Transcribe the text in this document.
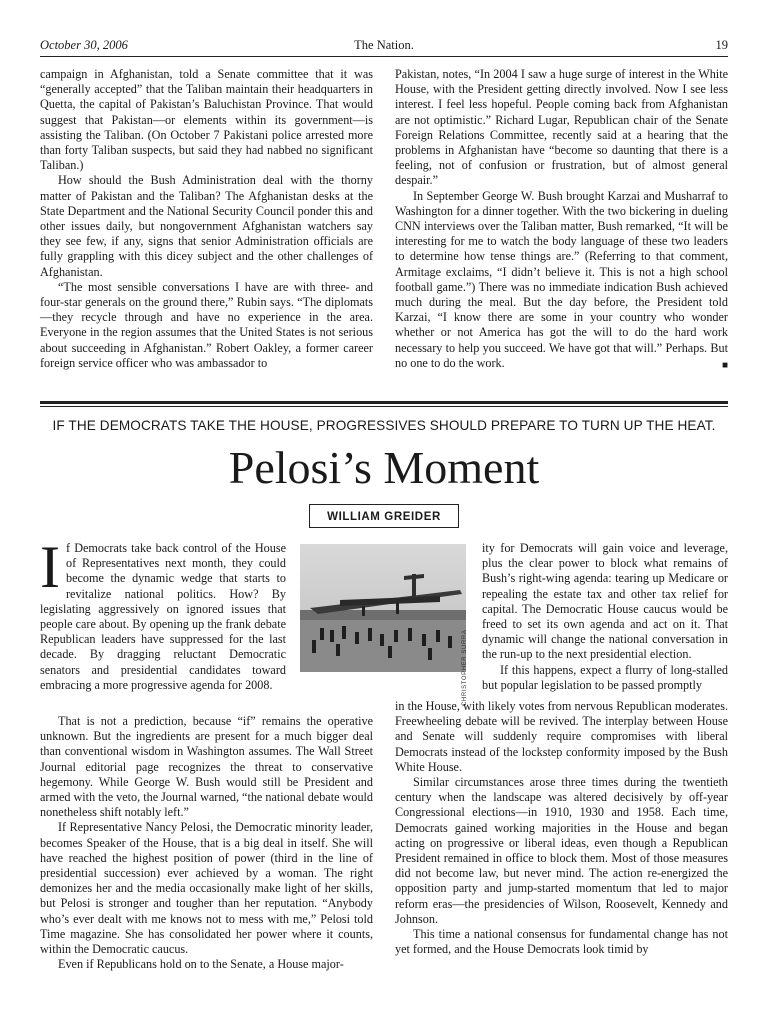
October 30, 2006	The Nation.	19

campaign in Afghanistan, told a Senate committee that it was “generally accepted” that the Taliban maintain their headquarters in Quetta, the capital of Pakistan’s Baluchistan Province. That would suggest that Pakistan—or elements within its government—is assisting the Taliban. (On October 7 Pakistani police arrested more than forty Taliban suspects, but said they had nabbed no significant Taliban.)

How should the Bush Administration deal with the thorny matter of Pakistan and the Taliban? The Afghanistan desks at the State Department and the National Security Council ponder this and other issues daily, but nongovernment Afghanistan watchers say they see few, if any, signs that senior Administration officials are fully grappling with this dicey subject and the other challenges of Afghanistan.

“The most sensible conversations I have are with three- and four-star generals on the ground there,” Rubin says. “The diplomats—they recycle through and have no experience in the area. Everyone in the region assumes that the United States is not serious about succeeding in Afghanistan.” Robert Oakley, a former career foreign service officer who was ambassador to

Pakistan, notes, “In 2004 I saw a huge surge of interest in the White House, with the President getting directly involved. Now I see less interest. I feel less hopeful. People coming back from Afghanistan are not optimistic.” Richard Lugar, Republican chair of the Senate Foreign Relations Committee, recently said at a hearing that the problems in Afghanistan have “become so daunting that there is a feeling, not of confusion or frustration, but of almost general despair.”

In September George W. Bush brought Karzai and Musharraf to Washington for a dinner together. With the two bickering in dueling CNN interviews over the Taliban matter, Bush remarked, “It will be interesting for me to watch the body language of these two leaders to determine how tense things are.” (Referring to that comment, Armitage exclaims, “I didn’t believe it. This is not a high school football game.”) There was no immediate indication Bush achieved much during the meal. But the day before, the President told Karzai, “I know there are some in your country who wonder whether or not America has got the will to do the hard work necessary to help you succeed. We have got that will.” Perhaps. But no one to do the work.	■

IF THE DEMOCRATS TAKE THE HOUSE, PROGRESSIVES SHOULD PREPARE TO TURN UP THE HEAT.
Pelosi’s Moment
WILLIAM GREIDER
CHRISTOPHER SURRA

If Democrats take back control of the House of Representatives next month, they could become the dynamic wedge that starts to revitalize national politics. How? By legislating aggressively on ignored issues that people care about. By opening up the frank debate Republican leaders have suppressed for the last decade. By dragging reluctant Democratic senators and presidential candidates toward embracing a more progressive agenda for 2008.

That is not a prediction, because “if” remains the operative unknown. But the ingredients are present for a much bigger deal than conventional wisdom in Washington assumes. The Wall Street Journal editorial page recognizes the threat to conservative hegemony. While George W. Bush would still be President and armed with the veto, the Journal warned, “the national debate would nonetheless shift notably left.”

If Representative Nancy Pelosi, the Democratic minority leader, becomes Speaker of the House, that is a big deal in itself. She will have reached the highest position of power (third in the line of presidential succession) ever achieved by a woman. The right demonizes her and the media occasionally make light of her skills, but Pelosi is stronger and tougher than her reputation. “Anybody who’s ever dealt with me knows not to mess with me,” Pelosi told Time magazine. She has consolidated her power where it counts, within the Democratic caucus.

Even if Republicans hold on to the Senate, a House major-

ity for Democrats will gain voice and leverage, plus the clear power to block what remains of Bush’s right-wing agenda: tearing up Medicare or repealing the estate tax and other tax relief for capital. The Democratic House caucus would be freed to set its own agenda and act on it. That dynamic will change the national conversation in the run-up to the next presidential election.

If this happens, expect a flurry of long-stalled but popular legislation to be passed promptly

in the House, with likely votes from nervous Republican moderates. Freewheeling debate will be revived. The interplay between House and Senate will suddenly require compromises with liberal Democrats instead of the lockstep conformity imposed by the Bush White House.

Similar circumstances arose three times during the twentieth century when the landscape was altered decisively by off-year Congressional elections—in 1910, 1930 and 1958. Each time, Democrats gained working majorities in the House and began acting on progressive or liberal ideas, even though a Republican President remained in office to block them. Most of those measures did not become law, but never mind. The action re-energized the opposition party and jump-started momentum that led to major reform eras—the presidencies of Wilson, Roosevelt, Kennedy and Johnson.

This time a national consensus for fundamental change has not yet formed, and the House Democrats look timid by
